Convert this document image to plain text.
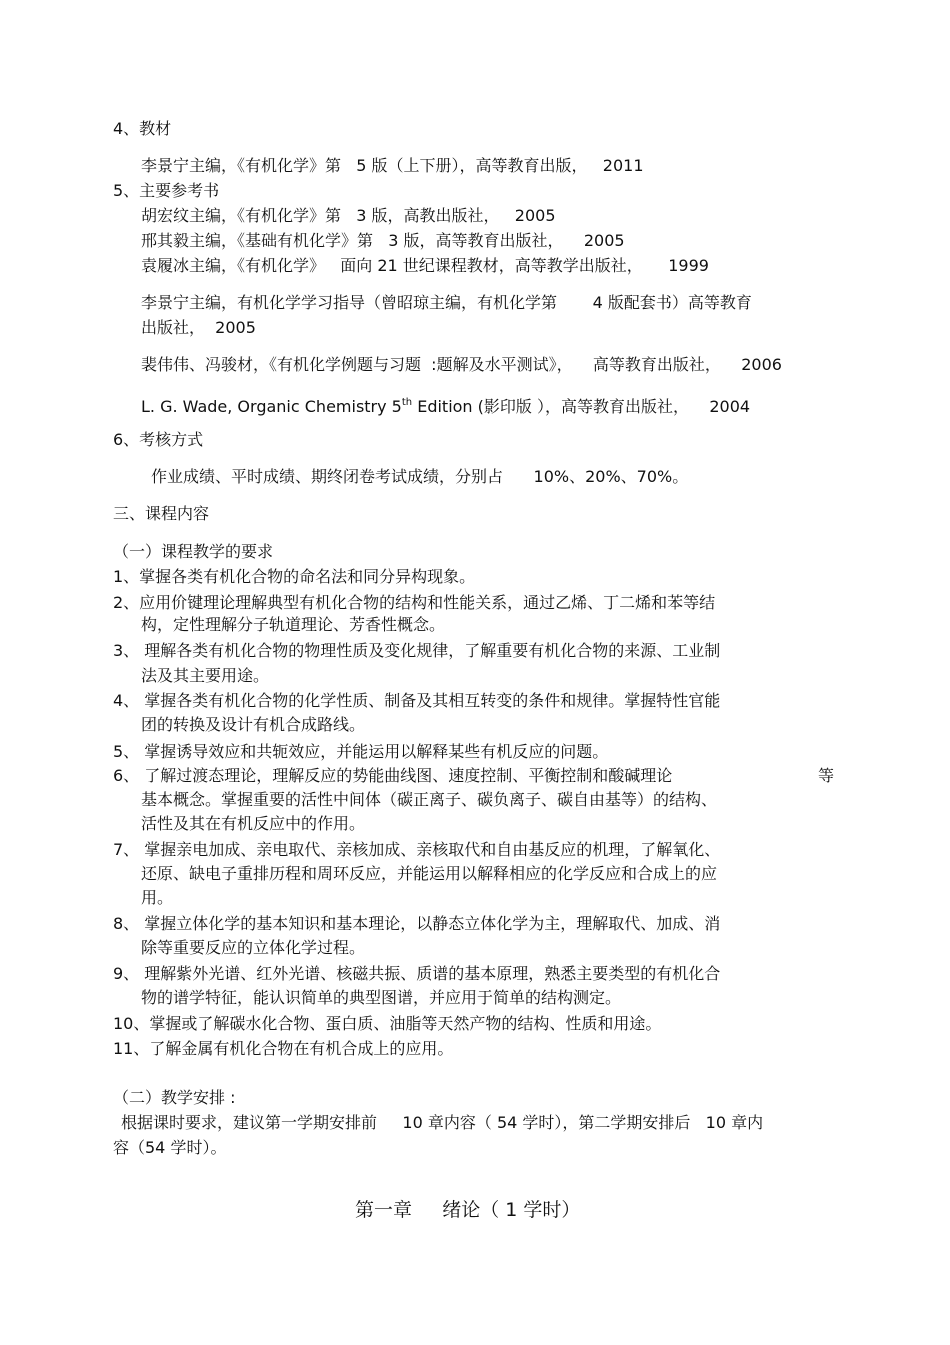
4、教材
李景宁主编，《有机化学》第   5 版（上下册），高等教育出版，   2011
5、主要参考书
胡宏纹主编，《有机化学》第   3 版，高教出版社，   2005
邢其毅主编，《基础有机化学》第   3 版，高等教育出版社，    2005
袁履冰主编，《有机化学》   面向 21 世纪课程教材，高等教学出版社，     1999
李景宁主编，有机化学学习指导（曾昭琼主编，有机化学第       4 版配套书）高等教育
出版社，  2005
裴伟伟、冯骏材，《有机化学例题与习题  :题解及水平测试》，    高等教育出版社，    2006
L. G. Wade, Organic Chemistry 5th Edition (影印版 ），高等教育出版社，    2004
6、考核方式
作业成绩、平时成绩、期终闭卷考试成绩，分别占      10%、20%、70%。
三、课程内容
（一）课程教学的要求
1、掌握各类有机化合物的命名法和同分异构现象。
2、应用价键理论理解典型有机化合物的结构和性能关系，通过乙烯、丁二烯和苯等结
构，定性理解分子轨道理论、芳香性概念。
3、 理解各类有机化合物的物理性质及变化规律，了解重要有机化合物的来源、工业制
法及其主要用途。
4、 掌握各类有机化合物的化学性质、制备及其相互转变的条件和规律。掌握特性官能
团的转换及设计有机合成路线。
5、 掌握诱导效应和共轭效应，并能运用以解释某些有机反应的问题。
6、 了解过渡态理论，理解反应的势能曲线图、速度控制、平衡控制和酸碱理论	等
基本概念。掌握重要的活性中间体（碳正离子、碳负离子、碳自由基等）的结构、
活性及其在有机反应中的作用。
7、 掌握亲电加成、亲电取代、亲核加成、亲核取代和自由基反应的机理，了解氧化、
还原、缺电子重排历程和周环反应，并能运用以解释相应的化学反应和合成上的应
用。
8、 掌握立体化学的基本知识和基本理论，以静态立体化学为主，理解取代、加成、消
除等重要反应的立体化学过程。
9、 理解紫外光谱、红外光谱、核磁共振、质谱的基本原理，熟悉主要类型的有机化合
物的谱学特征，能认识简单的典型图谱，并应用于简单的结构测定。
10、掌握或了解碳水化合物、蛋白质、油脂等天然产物的结构、性质和用途。
11、了解金属有机化合物在有机合成上的应用。
（二）教学安排 :
根据课时要求，建议第一学期安排前     10 章内容（ 54 学时），第二学期安排后   10 章内
容（54 学时）。
第一章     绪论（ 1 学时）
